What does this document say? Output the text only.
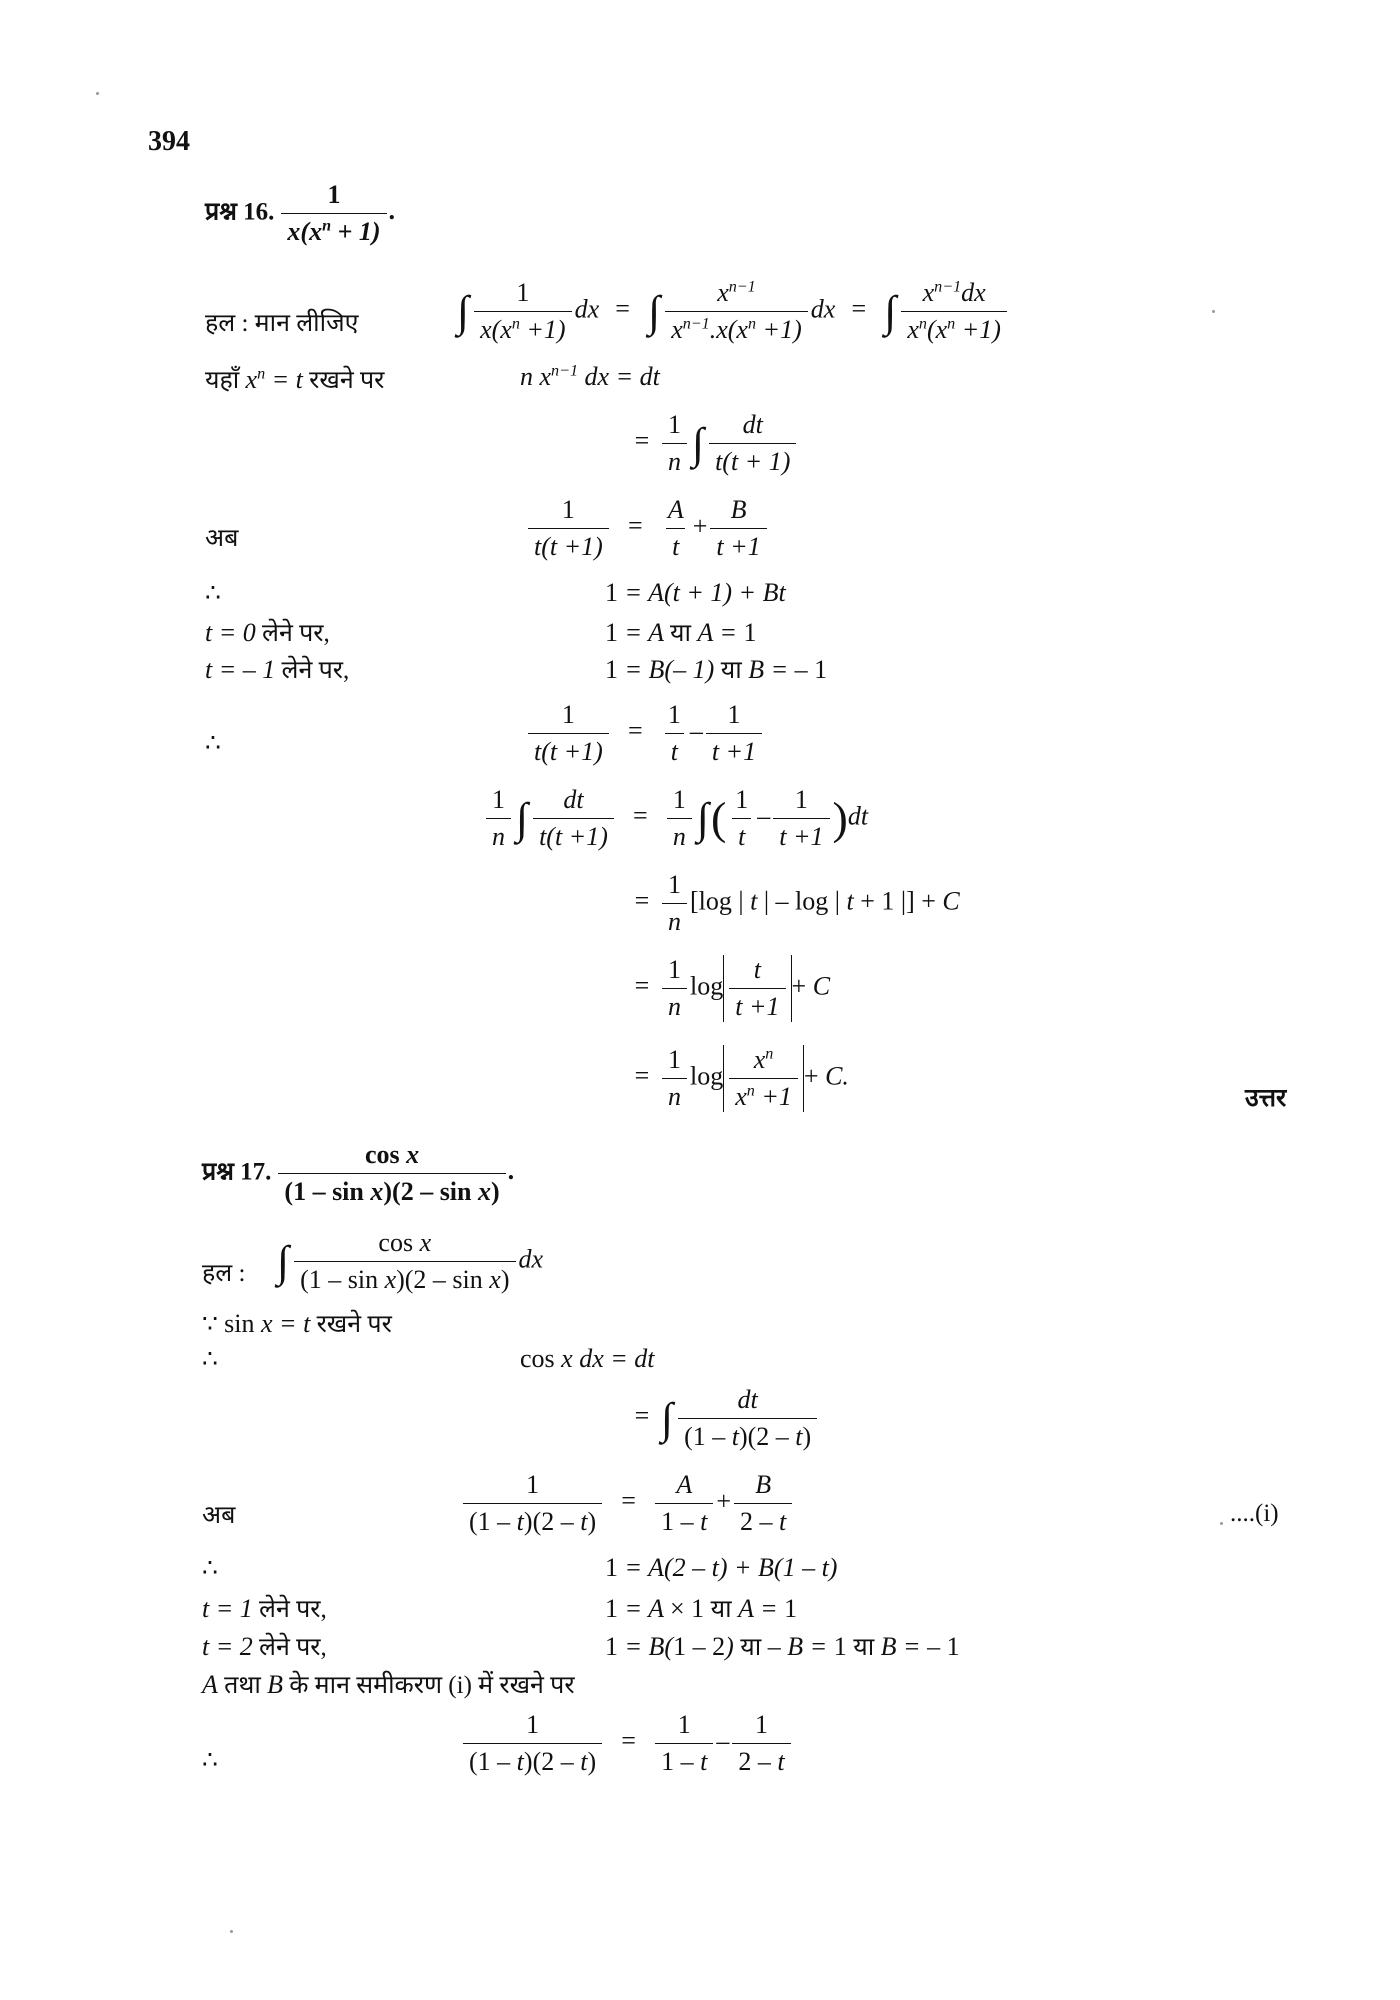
394
प्रश्न 16. $\frac{1}{x(x^n + 1)}$ .
हल : मान लीजिए ∫ $\frac{1}{x(x^n +1)}$ dx = ∫ $\frac{x^{n-1}}{x^{n-1}.x(x^n +1)}$ dx = ∫ $\frac{x^{n-1}dx}{x^n(x^n +1)}$
यहाँ $x^n = t$ रखने पर	n $x^{n-1}$ dx = dt
= $\frac{1}{n}$ ∫ $\frac{dt}{t(t + 1)}$
अब	$\frac{1}{t(t +1)} = \frac{A}{t} + \frac{B}{t +1}$
∴	1 = A(t + 1) + Bt
t = 0 लेने पर,	1 = A या A = 1
t = – 1 लेने पर,	1 = B(– 1) या B = – 1
∴	$\frac{1}{t(t +1)} = \frac{1}{t} - \frac{1}{t +1}$
$\frac{1}{n}$ ∫ $\frac{dt}{t(t +1)} = \frac{1}{n}$ ∫( $\frac{1}{t} - \frac{1}{t +1} )dt$
= $\frac{1}{n} [\log$ | t | – log | t + 1 |] + C
= $\frac{1}{n}$ $\log \frac{t}{t +1} + C$
= $\frac{1}{n}$ $\log \frac{x^n}{x^n +1} + C$.
उत्तर
प्रश्न 17. $\frac{\text{cos x}}{\text{(1 – sin x)(2 – sin x)}}$ .
हल : ∫ $\frac{\text{cos x}}{\text{(1 – sin x)(2 – sin x)}}$ dx
∵ sin x = t रखने पर
∴	cos x dx = dt
= ∫ $\frac{dt}{(1 - t)(2 - t)}$
अब	$\frac{1}{(1 - t)(2 - t)} = \frac{A}{1 - t} + \frac{B}{2 - t}$	....(i)
∴	1 = A(2 – t) + B(1 – t)
t = 1 लेने पर,	1 = A × 1 या A = 1
t = 2 लेने पर,	1 = B(1 – 2) या – B = 1 या B = – 1
A तथा B के मान समीकरण (i) में रखने पर
∴	$\frac{1}{(1 - t)(2 - t)} = \frac{1}{1 - t} - \frac{1}{2 - t}$
